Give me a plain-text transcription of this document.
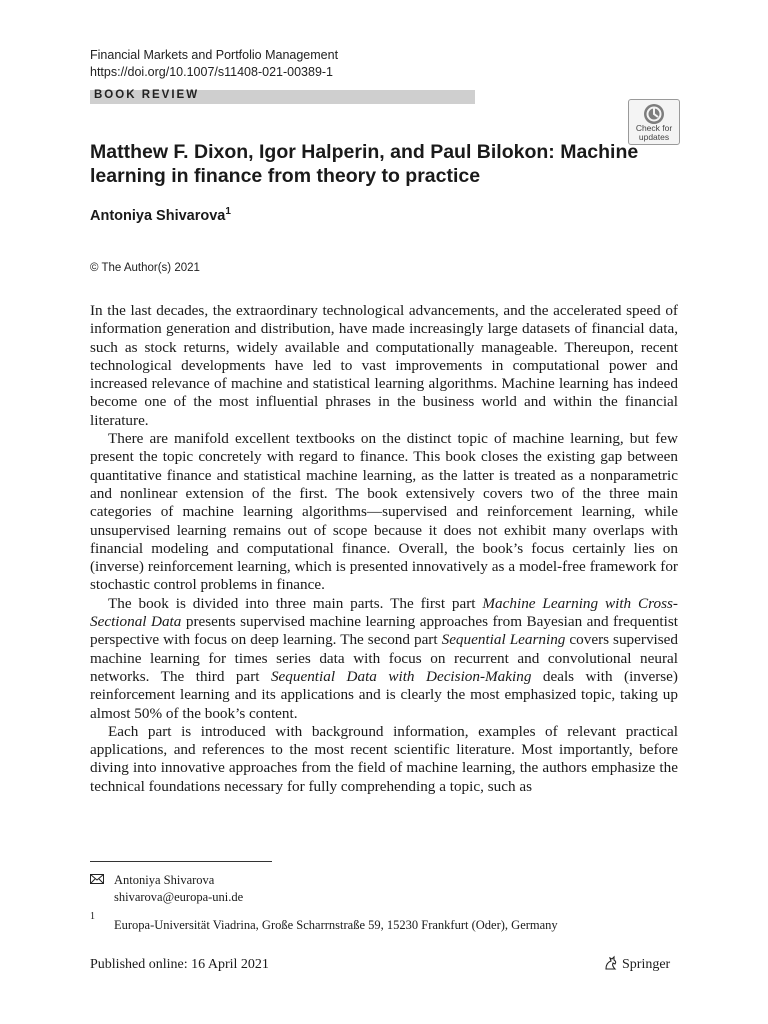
Financial Markets and Portfolio Management
https://doi.org/10.1007/s11408-021-00389-1
BOOK REVIEW
Check for
updates
Matthew F. Dixon, Igor Halperin, and Paul Bilokon: Machine learning in finance from theory to practice
Antoniya Shivarova$^1$
© The Author(s) 2021

In the last decades, the extraordinary technological advancements, and the accelerated speed of information generation and distribution, have made increasingly large datasets of financial data, such as stock returns, widely available and computationally manageable. Thereupon, recent technological developments have led to vast improvements in computational power and increased relevance of machine and statistical learning algorithms. Machine learning has indeed become one of the most influential phrases in the business world and within the financial literature.

There are manifold excellent textbooks on the distinct topic of machine learning, but few present the topic concretely with regard to finance. This book closes the existing gap between quantitative finance and statistical machine learning, as the latter is treated as a nonparametric and nonlinear extension of the first. The book extensively covers two of the three main categories of machine learning algorithms—supervised and reinforcement learning, while unsupervised learning remains out of scope because it does not exhibit many overlaps with financial modeling and computational finance. Overall, the book’s focus certainly lies on (inverse) reinforcement learning, which is presented innovatively as a model-free framework for stochastic control problems in finance.

The book is divided into three main parts. The first part Machine Learning with Cross-Sectional Data presents supervised machine learning approaches from Bayesian and frequentist perspective with focus on deep learning. The second part Sequential Learning covers supervised machine learning for times series data with focus on recurrent and convolutional neural networks. The third part Sequential Data with Decision-Making deals with (inverse) reinforcement learning and its applications and is clearly the most emphasized topic, taking up almost 50% of the book’s content.

Each part is introduced with background information, examples of relevant practical applications, and references to the most recent scientific literature. Most importantly, before diving into innovative approaches from the field of machine learning, the authors emphasize the technical foundations necessary for fully comprehending a topic, such as

Antoniya Shivarova
shivarova@europa-uni.de
1
Europa-Universität Viadrina, Große Scharrnstraße 59, 15230 Frankfurt (Oder), Germany
Published online: 16 April 2021	Springer
